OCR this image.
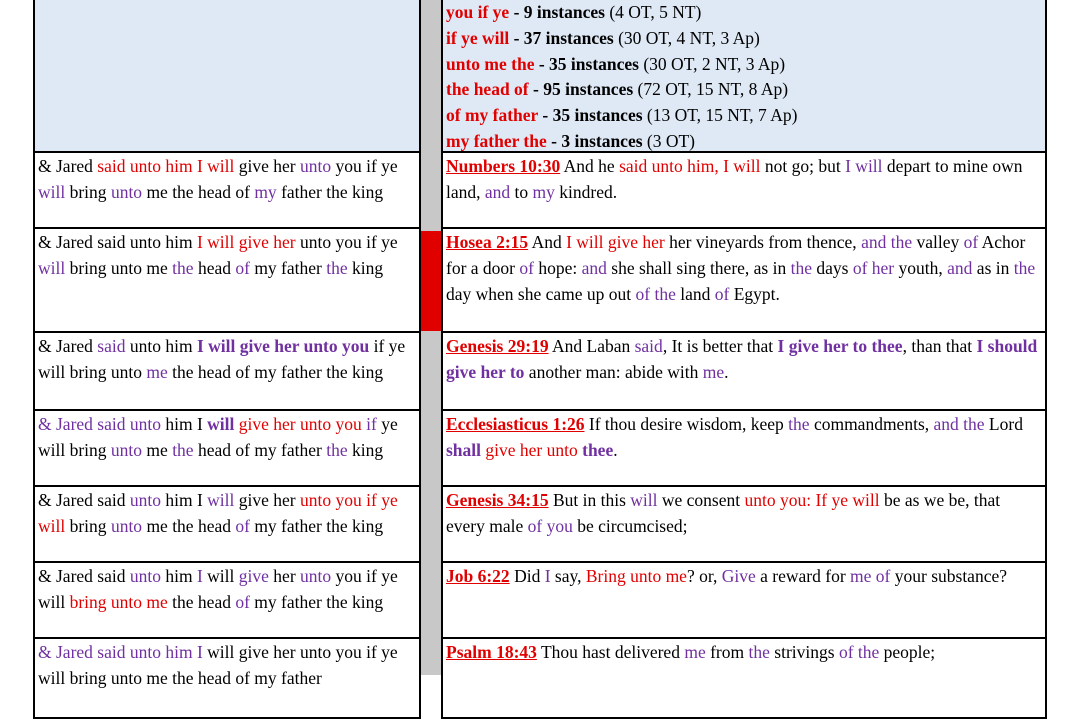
you if ye - 9 instances (4 OT, 5 NT)
if ye will - 37 instances (30 OT, 4 NT, 3 Ap)
unto me the - 35 instances (30 OT, 2 NT, 3 Ap)
the head of - 95 instances (72 OT, 15 NT, 8 Ap)
of my father - 35 instances (13 OT, 15 NT, 7 Ap)
my father the - 3 instances (3 OT)
& Jared said unto him I will give her unto you if ye will bring unto me the head of my father the king
Numbers 10:30 And he said unto him, I will not go; but I will depart to mine own land, and to my kindred.
& Jared said unto him I will give her unto you if ye will bring unto me the head of my father the king
Hosea 2:15 And I will give her her vineyards from thence, and the valley of Achor for a door of hope: and she shall sing there, as in the days of her youth, and as in the day when she came up out of the land of Egypt.
& Jared said unto him I will give her unto you if ye will bring unto me the head of my father the king
Genesis 29:19 And Laban said, It is better that I give her to thee, than that I should give her to another man: abide with me.
& Jared said unto him I will give her unto you if ye will bring unto me the head of my father the king
Ecclesiasticus 1:26 If thou desire wisdom, keep the commandments, and the Lord shall give her unto thee.
& Jared said unto him I will give her unto you if ye will bring unto me the head of my father the king
Genesis 34:15 But in this will we consent unto you: If ye will be as we be, that every male of you be circumcised;
& Jared said unto him I will give her unto you if ye will bring unto me the head of my father the king
Job 6:22 Did I say, Bring unto me? or, Give a reward for me of your substance?
& Jared said unto him I will give her unto you if ye will bring unto me the head of my father
Psalm 18:43 Thou hast delivered me from the strivings of the people;
